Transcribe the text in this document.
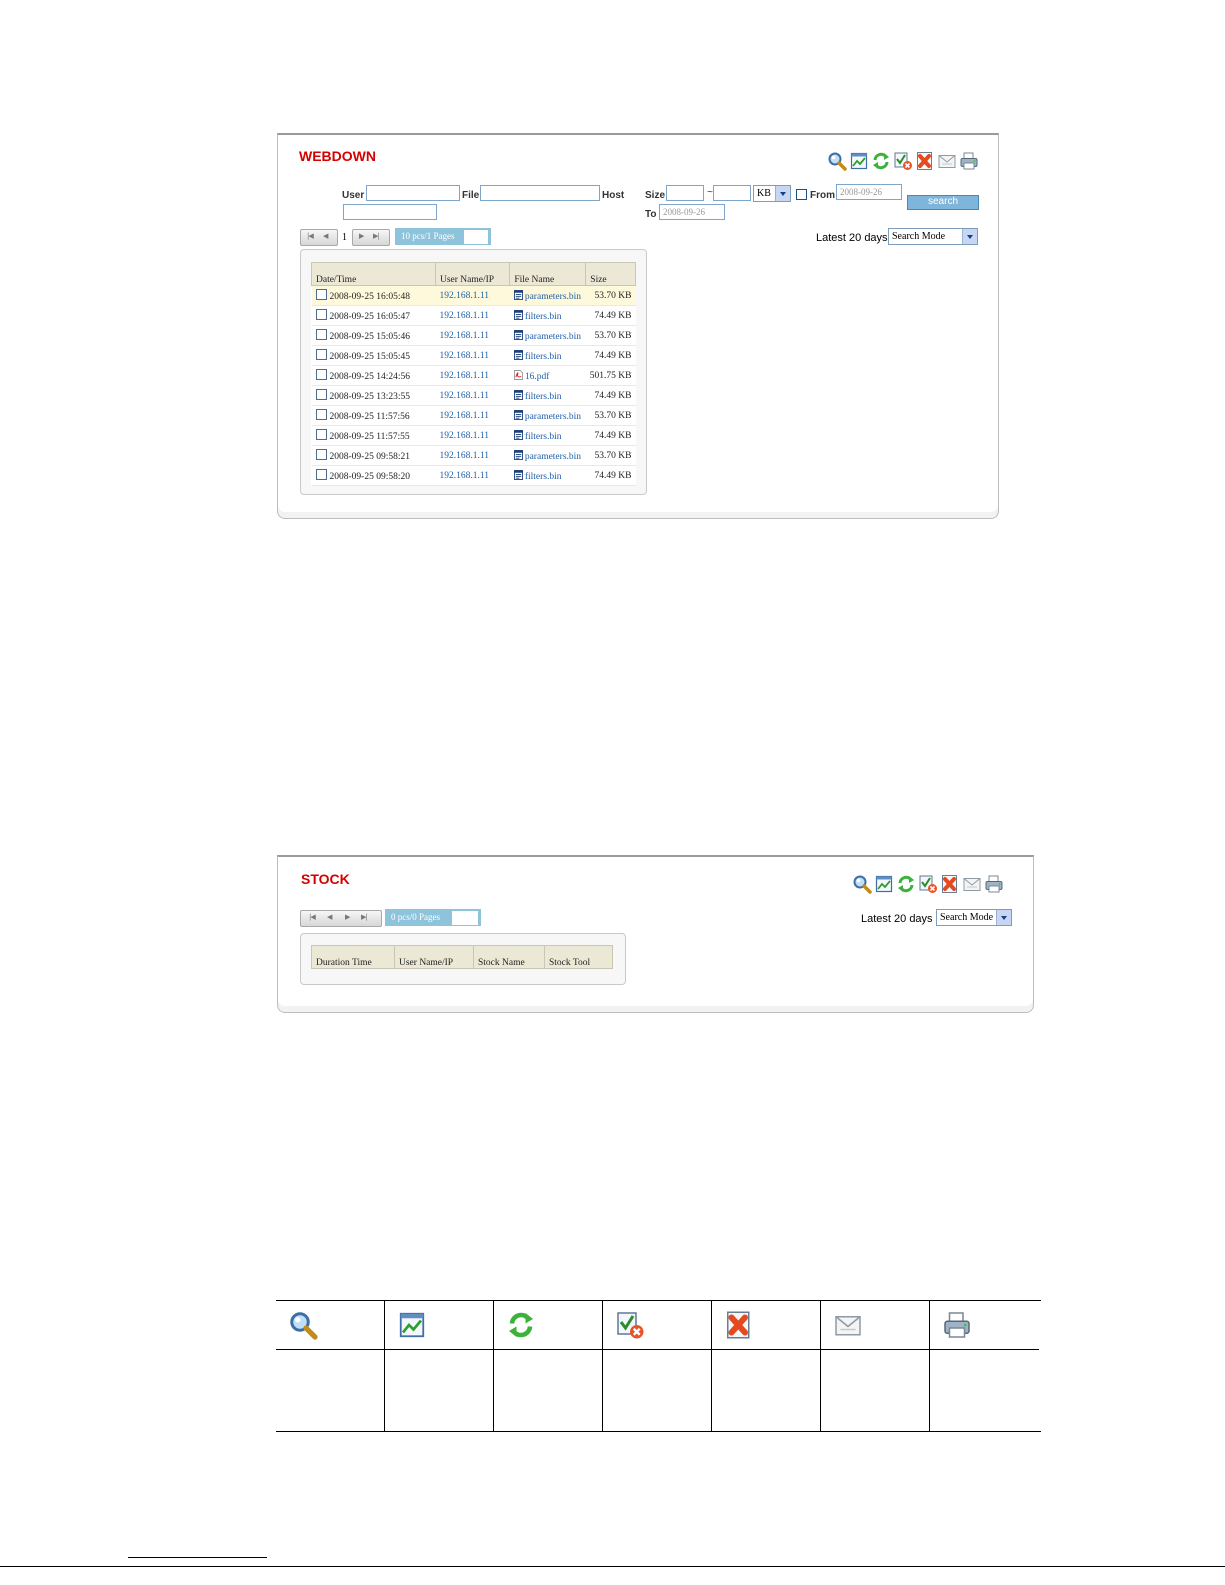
WEBDOWN
User	File	Host Size	~	KB	From 2008-09-26
To 2008-09-26
search
|◀ ◀ 1 ▶ ▶|	10 pcs/1 Pages	Latest 20 days Search Mode
Date/Time	User Name/IP	File Name	Size
2008-09-25 16:05:48	192.168.1.11	parameters.bin	53.70 KB
2008-09-25 16:05:47	192.168.1.11	filters.bin	74.49 KB
2008-09-25 15:05:46	192.168.1.11	parameters.bin	53.70 KB
2008-09-25 15:05:45	192.168.1.11	filters.bin	74.49 KB
2008-09-25 14:24:56	192.168.1.11	16.pdf	501.75 KB
2008-09-25 13:23:55	192.168.1.11	filters.bin	74.49 KB
2008-09-25 11:57:56	192.168.1.11	parameters.bin	53.70 KB
2008-09-25 11:57:55	192.168.1.11	filters.bin	74.49 KB
2008-09-25 09:58:21	192.168.1.11	parameters.bin	53.70 KB
2008-09-25 09:58:20	192.168.1.11	filters.bin	74.49 KB
STOCK
|◀ ◀ ▶ ▶|	0 pcs/0 Pages	Latest 20 days Search Mode
Duration Time	User Name/IP	Stock Name	Stock Tool
